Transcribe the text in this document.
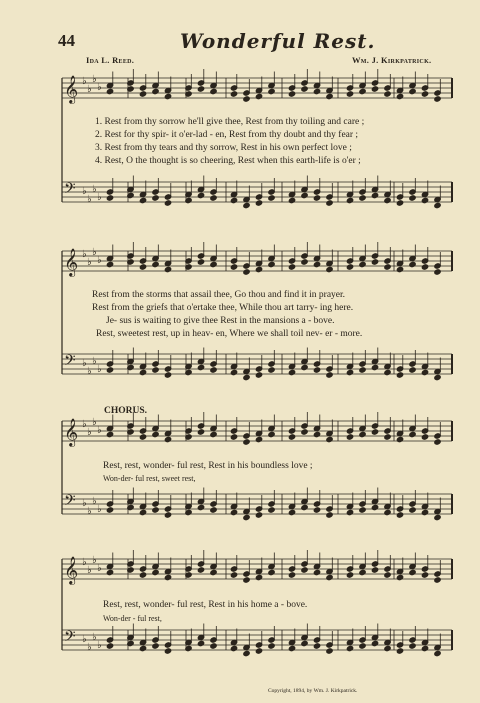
44	Wonderful Rest.
Ida L. Reed.	Wm. J. Kirkpatrick.
𝄞 ♭
♭
♭
♭
𝄢 ♭
♭
♭
♭
𝄞 ♭
♭
♭
♭
𝄢 ♭
♭
♭
♭
𝄞 ♭
♭
♭
♭
𝄢 ♭
♭
♭
♭
𝄞 ♭
♭
♭
♭
𝄢 ♭
♭
♭
♭
1. Rest from thy sorrow he'll give thee, Rest from thy toiling and care ;
2. Rest for thy spir- it o'er-lad - en, Rest from thy doubt and thy fear ;
3. Rest from thy tears and thy sorrow, Rest in his own perfect love ;
4. Rest, O the thought is so cheering, Rest when this earth-life is o'er ;
Rest from the storms that assail thee, Go thou and find it in prayer.
Rest from the griefs that o'ertake thee, While thou art tarry- ing here.
Je- sus is waiting to give thee Rest in the mansions a - bove.
Rest, sweetest rest, up in heav- en, Where we shall toil nev- er - more.
CHORUS.
Rest, rest, wonder- ful rest, Rest in his boundless love ;
Won-der- ful rest, sweet rest,
Rest, rest, wonder- ful rest, Rest in his home a - bove.
Won-der - ful rest,
Copyright, 1894, by Wm. J. Kirkpatrick.
